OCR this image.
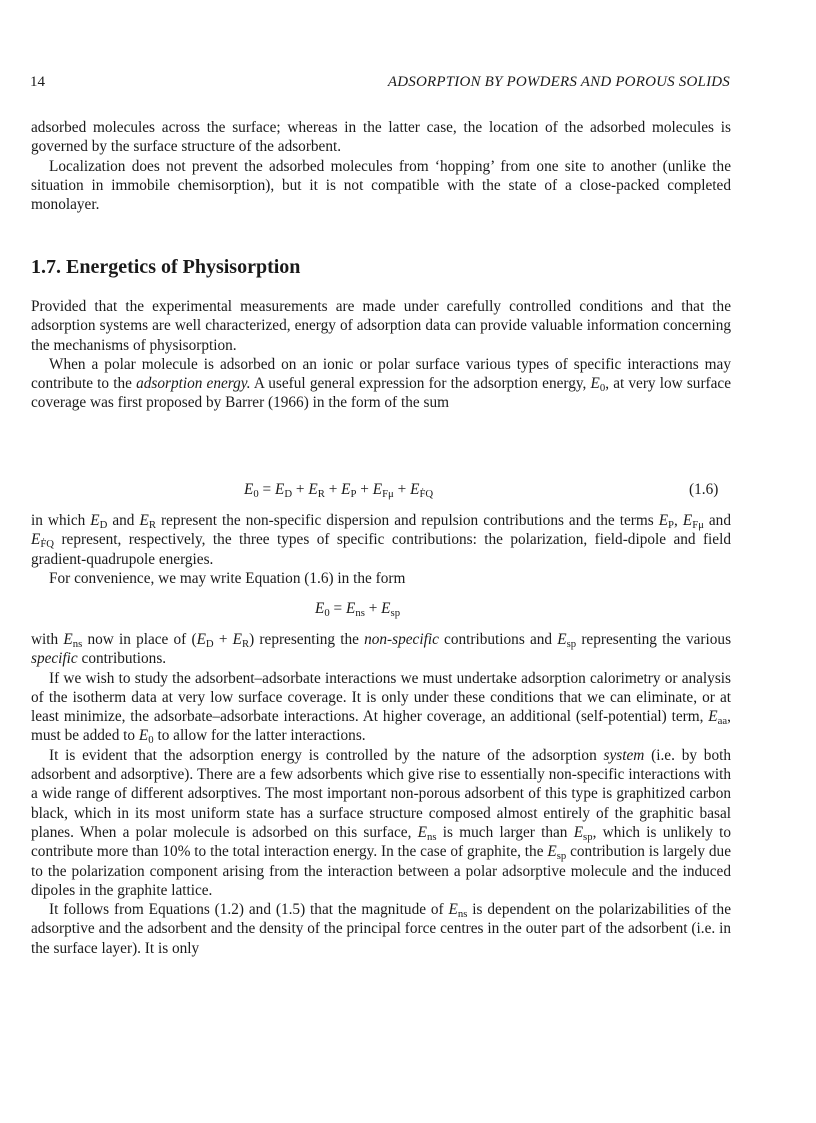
14	ADSORPTION BY POWDERS AND POROUS SOLIDS

adsorbed molecules across the surface; whereas in the latter case, the location of the adsorbed molecules is governed by the surface structure of the adsorbent.

Localization does not prevent the adsorbed molecules from ‘hopping’ from one site to another (unlike the situation in immobile chemisorption), but it is not compatible with the state of a close-packed completed monolayer.

1.7. Energetics of Physisorption

Provided that the experimental measurements are made under carefully controlled conditions and that the adsorption systems are well characterized, energy of adsorption data can provide valuable information concerning the mechanisms of physisorption.

When a polar molecule is adsorbed on an ionic or polar surface various types of specific interactions may contribute to the adsorption energy. A useful general expression for the adsorption energy, $E_0$, at very low surface coverage was first proposed by Barrer (1966) in the form of the sum

$E_0 = E_D + E_R + E_P + E_{F\mu} + E_{ḞQ}$	(1.6)

in which $E_D$ and $E_R$ represent the non-specific dispersion and repulsion contributions and the terms $E_P$, $E_{F\mu}$ and $E_{ḞQ}$ represent, respectively, the three types of specific contributions: the polarization, field-dipole and field gradient-quadrupole energies.

For convenience, we may write Equation (1.6) in the form

$E_0 = E_{ns} + E_{sp}$

with $E_{ns}$ now in place of $(E_D + E_R)$ representing the non-specific contributions and $E_{sp}$ representing the various specific contributions.

If we wish to study the adsorbent–adsorbate interactions we must undertake adsorption calorimetry or analysis of the isotherm data at very low surface coverage. It is only under these conditions that we can eliminate, or at least minimize, the adsorbate–adsorbate interactions. At higher coverage, an additional (self-potential) term, $E_{aa}$, must be added to $E_0$ to allow for the latter interactions.

It is evident that the adsorption energy is controlled by the nature of the adsorption system (i.e. by both adsorbent and adsorptive). There are a few adsorbents which give rise to essentially non-specific interactions with a wide range of different adsorptives. The most important non-porous adsorbent of this type is graphitized carbon black, which in its most uniform state has a surface structure composed almost entirely of the graphitic basal planes. When a polar molecule is adsorbed on this surface, $E_{ns}$ is much larger than $E_{sp}$, which is unlikely to contribute more than 10% to the total interaction energy. In the case of graphite, the $E_{sp}$ contribution is largely due to the polarization component arising from the interaction between a polar adsorptive molecule and the induced dipoles in the graphite lattice.

It follows from Equations (1.2) and (1.5) that the magnitude of $E_{ns}$ is dependent on the polarizabilities of the adsorptive and the adsorbent and the density of the principal force centres in the outer part of the adsorbent (i.e. in the surface layer). It is only
